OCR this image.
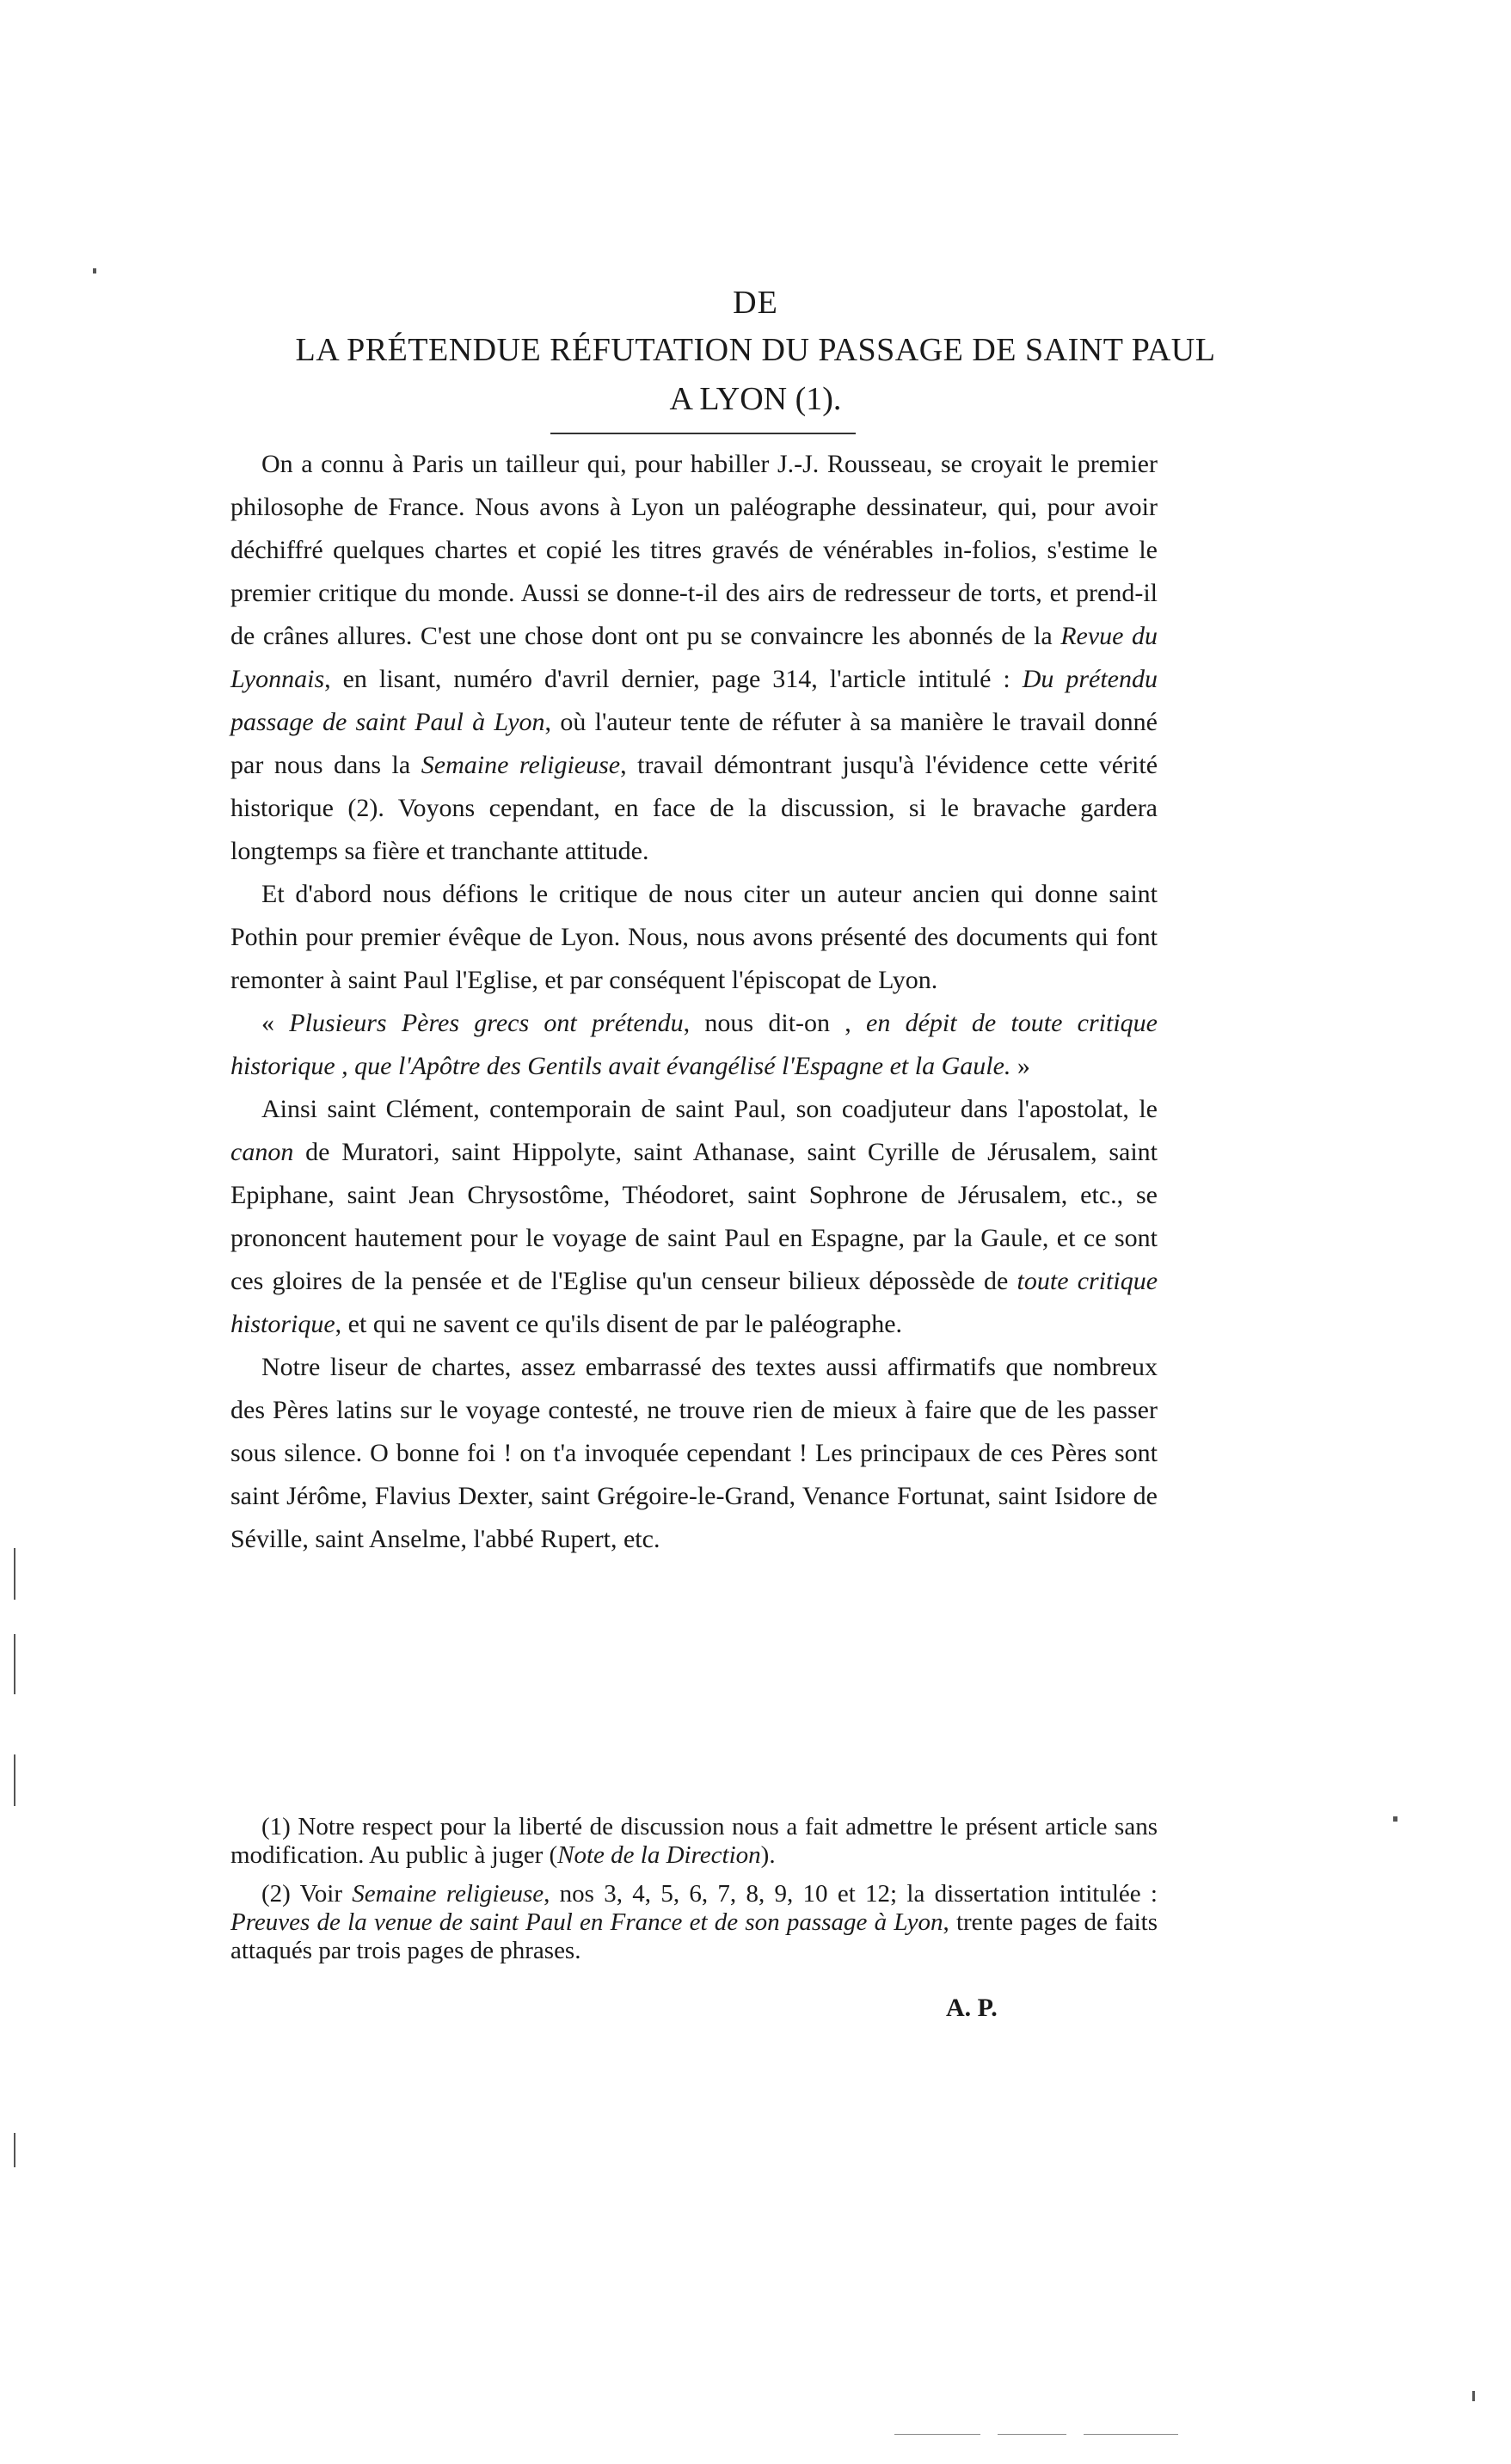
DE
LA PRÉTENDUE RÉFUTATION DU PASSAGE DE SAINT PAUL
A LYON (1).

On a connu à Paris un tailleur qui, pour habiller J.-J. Rousseau, se croyait le premier philosophe de France. Nous avons à Lyon un paléographe dessinateur, qui, pour avoir déchiffré quelques chartes et copié les titres gravés de vénérables in-folios, s'estime le premier critique du monde. Aussi se donne-t-il des airs de redresseur de torts, et prend-il de crânes allures. C'est une chose dont ont pu se convaincre les abonnés de la Revue du Lyonnais, en lisant, numéro d'avril dernier, page 314, l'article intitulé : Du prétendu passage de saint Paul à Lyon, où l'auteur tente de réfuter à sa manière le travail donné par nous dans la Semaine religieuse, travail démontrant jusqu'à l'évidence cette vérité historique (2). Voyons cependant, en face de la discussion, si le bravache gardera longtemps sa fière et tranchante attitude.

Et d'abord nous défions le critique de nous citer un auteur ancien qui donne saint Pothin pour premier évêque de Lyon. Nous, nous avons présenté des documents qui font remonter à saint Paul l'Eglise, et par conséquent l'épiscopat de Lyon.

« Plusieurs Pères grecs ont prétendu, nous dit-on , en dépit de toute critique historique , que l'Apôtre des Gentils avait évangélisé l'Espagne et la Gaule. »

Ainsi saint Clément, contemporain de saint Paul, son coadjuteur dans l'apostolat, le canon de Muratori, saint Hippolyte, saint Athanase, saint Cyrille de Jérusalem, saint Epiphane, saint Jean Chrysostôme, Théodoret, saint Sophrone de Jérusalem, etc., se prononcent hautement pour le voyage de saint Paul en Espagne, par la Gaule, et ce sont ces gloires de la pensée et de l'Eglise qu'un censeur bilieux dépossède de toute critique historique, et qui ne savent ce qu'ils disent de par le paléographe.

Notre liseur de chartes, assez embarrassé des textes aussi affirmatifs que nombreux des Pères latins sur le voyage contesté, ne trouve rien de mieux à faire que de les passer sous silence. O bonne foi ! on t'a invoquée cependant ! Les principaux de ces Pères sont saint Jérôme, Flavius Dexter, saint Grégoire-le-Grand, Venance Fortunat, saint Isidore de Séville, saint Anselme, l'abbé Rupert, etc.

(1) Notre respect pour la liberté de discussion nous a fait admettre le présent article sans modification. Au public à juger (Note de la Direction).

(2) Voir Semaine religieuse, nos 3, 4, 5, 6, 7, 8, 9, 10 et 12; la dissertation intitulée : Preuves de la venue de saint Paul en France et de son passage à Lyon, trente pages de faits attaqués par trois pages de phrases.

A. P.
